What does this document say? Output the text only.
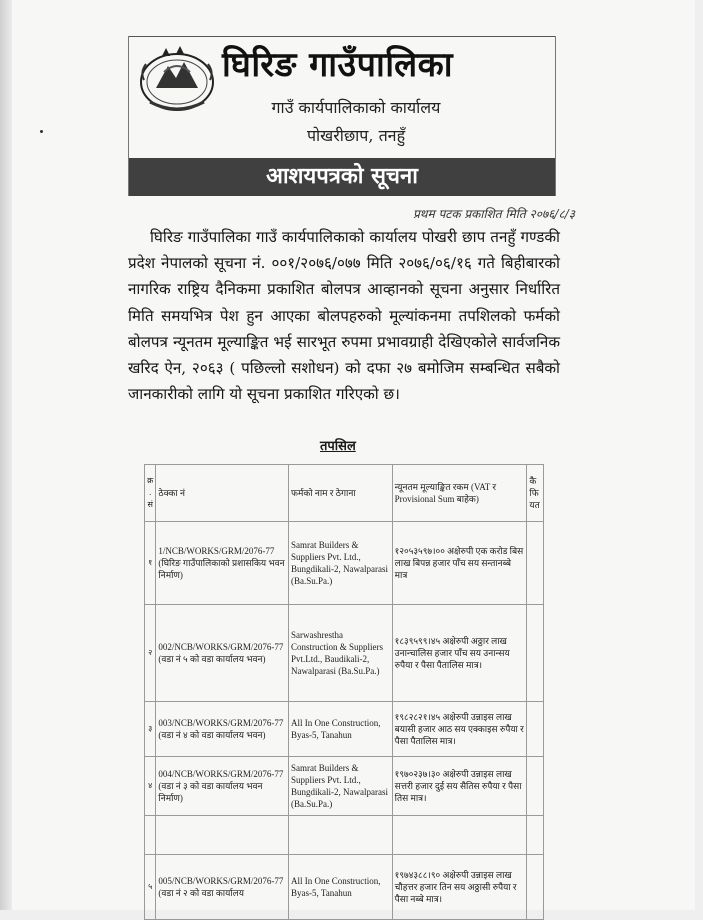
घिरिङ गाउँपालिका
गाउँ कार्यपालिकाको कार्यालय
पोखरीछाप, तनहुँ
आशयपत्रको सूचना
प्रथम पटक प्रकाशित मिति २०७६/८/३
घिरिङ गाउँपालिका गाउँ कार्यपालिकाको कार्यालय पोखरी छाप तनहुँ गण्डकी प्रदेश नेपालको सूचना नं. ००१/२०७६/०७७ मिति २०७६/०६/१६ गते बिहीबारको नागरिक राष्ट्रिय दैनिकमा प्रकाशित बोलपत्र आव्हानको सूचना अनुसार निर्धारित मिति समयभित्र पेश हुन आएका बोलपहरुको मूल्यांकनमा तपशिलको फर्मको बोलपत्र न्यूनतम मूल्याङ्कित भई सारभूत रुपमा प्रभावग्राही देखिएकोले सार्वजनिक खरिद ऐन, २०६३ ( पछिल्लो सशोधन) को दफा २७ बमोजिम सम्बन्धित सबैको जानकारीको लागि यो सूचना प्रकाशित गरिएको छ।
तपसिल
क्र. सं	ठेक्का नं	फर्मको नाम र ठेगाना	न्यूनतम मूल्याङ्कित रकम (VAT र Provisional Sum बाहेक)	कैफि यत
१	1/NCB/WORKS/GRM/2076-77 (घिरिङ गाउँपालिकाको प्रशासकिय भवन निर्माण)	Samrat Builders & Suppliers Pvt. Ltd., Bungdikali-2, Nawalparasi (Ba.Su.Pa.)	१२०५३५९७।०० अक्षेरुपी एक करोड बिस लाख बिपन्न हजार पाँच सय सन्तानब्बे मात्र	
२	002/NCB/WORKS/GRM/2076-77 (वडा नं ५ को वडा कार्यालय भवन)	Sarwashrestha Construction & Suppliers Pvt.Ltd., Baudikali-2, Nawalparasi (Ba.Su.Pa.)	१८३९५९९।४५ अक्षेरुपी अठ्ठार लाख उनान्चालिस हजार पाँच सय उनान्सय रुपैया र पैसा पैतालिस मात्र।	
३	003/NCB/WORKS/GRM/2076-77 (वडा नं ४ को वडा कार्यालय भवन)	All In One Construction, Byas-5, Tanahun	१९८२८२१।४५ अक्षेरुपी उन्नाइस लाख बयासी हजार आठ सय एक्काइस रुपैया र पैसा पैतालिस मात्र।	
४	004/NCB/WORKS/GRM/2076-77 (वडा नं ३ को वडा कार्यालय भवन निर्माण)	Samrat Builders & Suppliers Pvt. Ltd., Bungdikali-2, Nawalparasi (Ba.Su.Pa.)	१९७०२३७।३० अक्षेरुपी उन्नाइस लाख सत्तरी हजार दुई सय सैतिस रुपैया र पैसा तिस मात्र।	

५	005/NCB/WORKS/GRM/2076-77 (वडा नं २ को वडा कार्यालय	All In One Construction, Byas-5, Tanahun	१९७४३८८।९० अक्षेरुपी उन्नाइस लाख चौहत्तर हजार तिन सय अठ्ठासी रुपैया र पैसा नब्बे मात्र।	
